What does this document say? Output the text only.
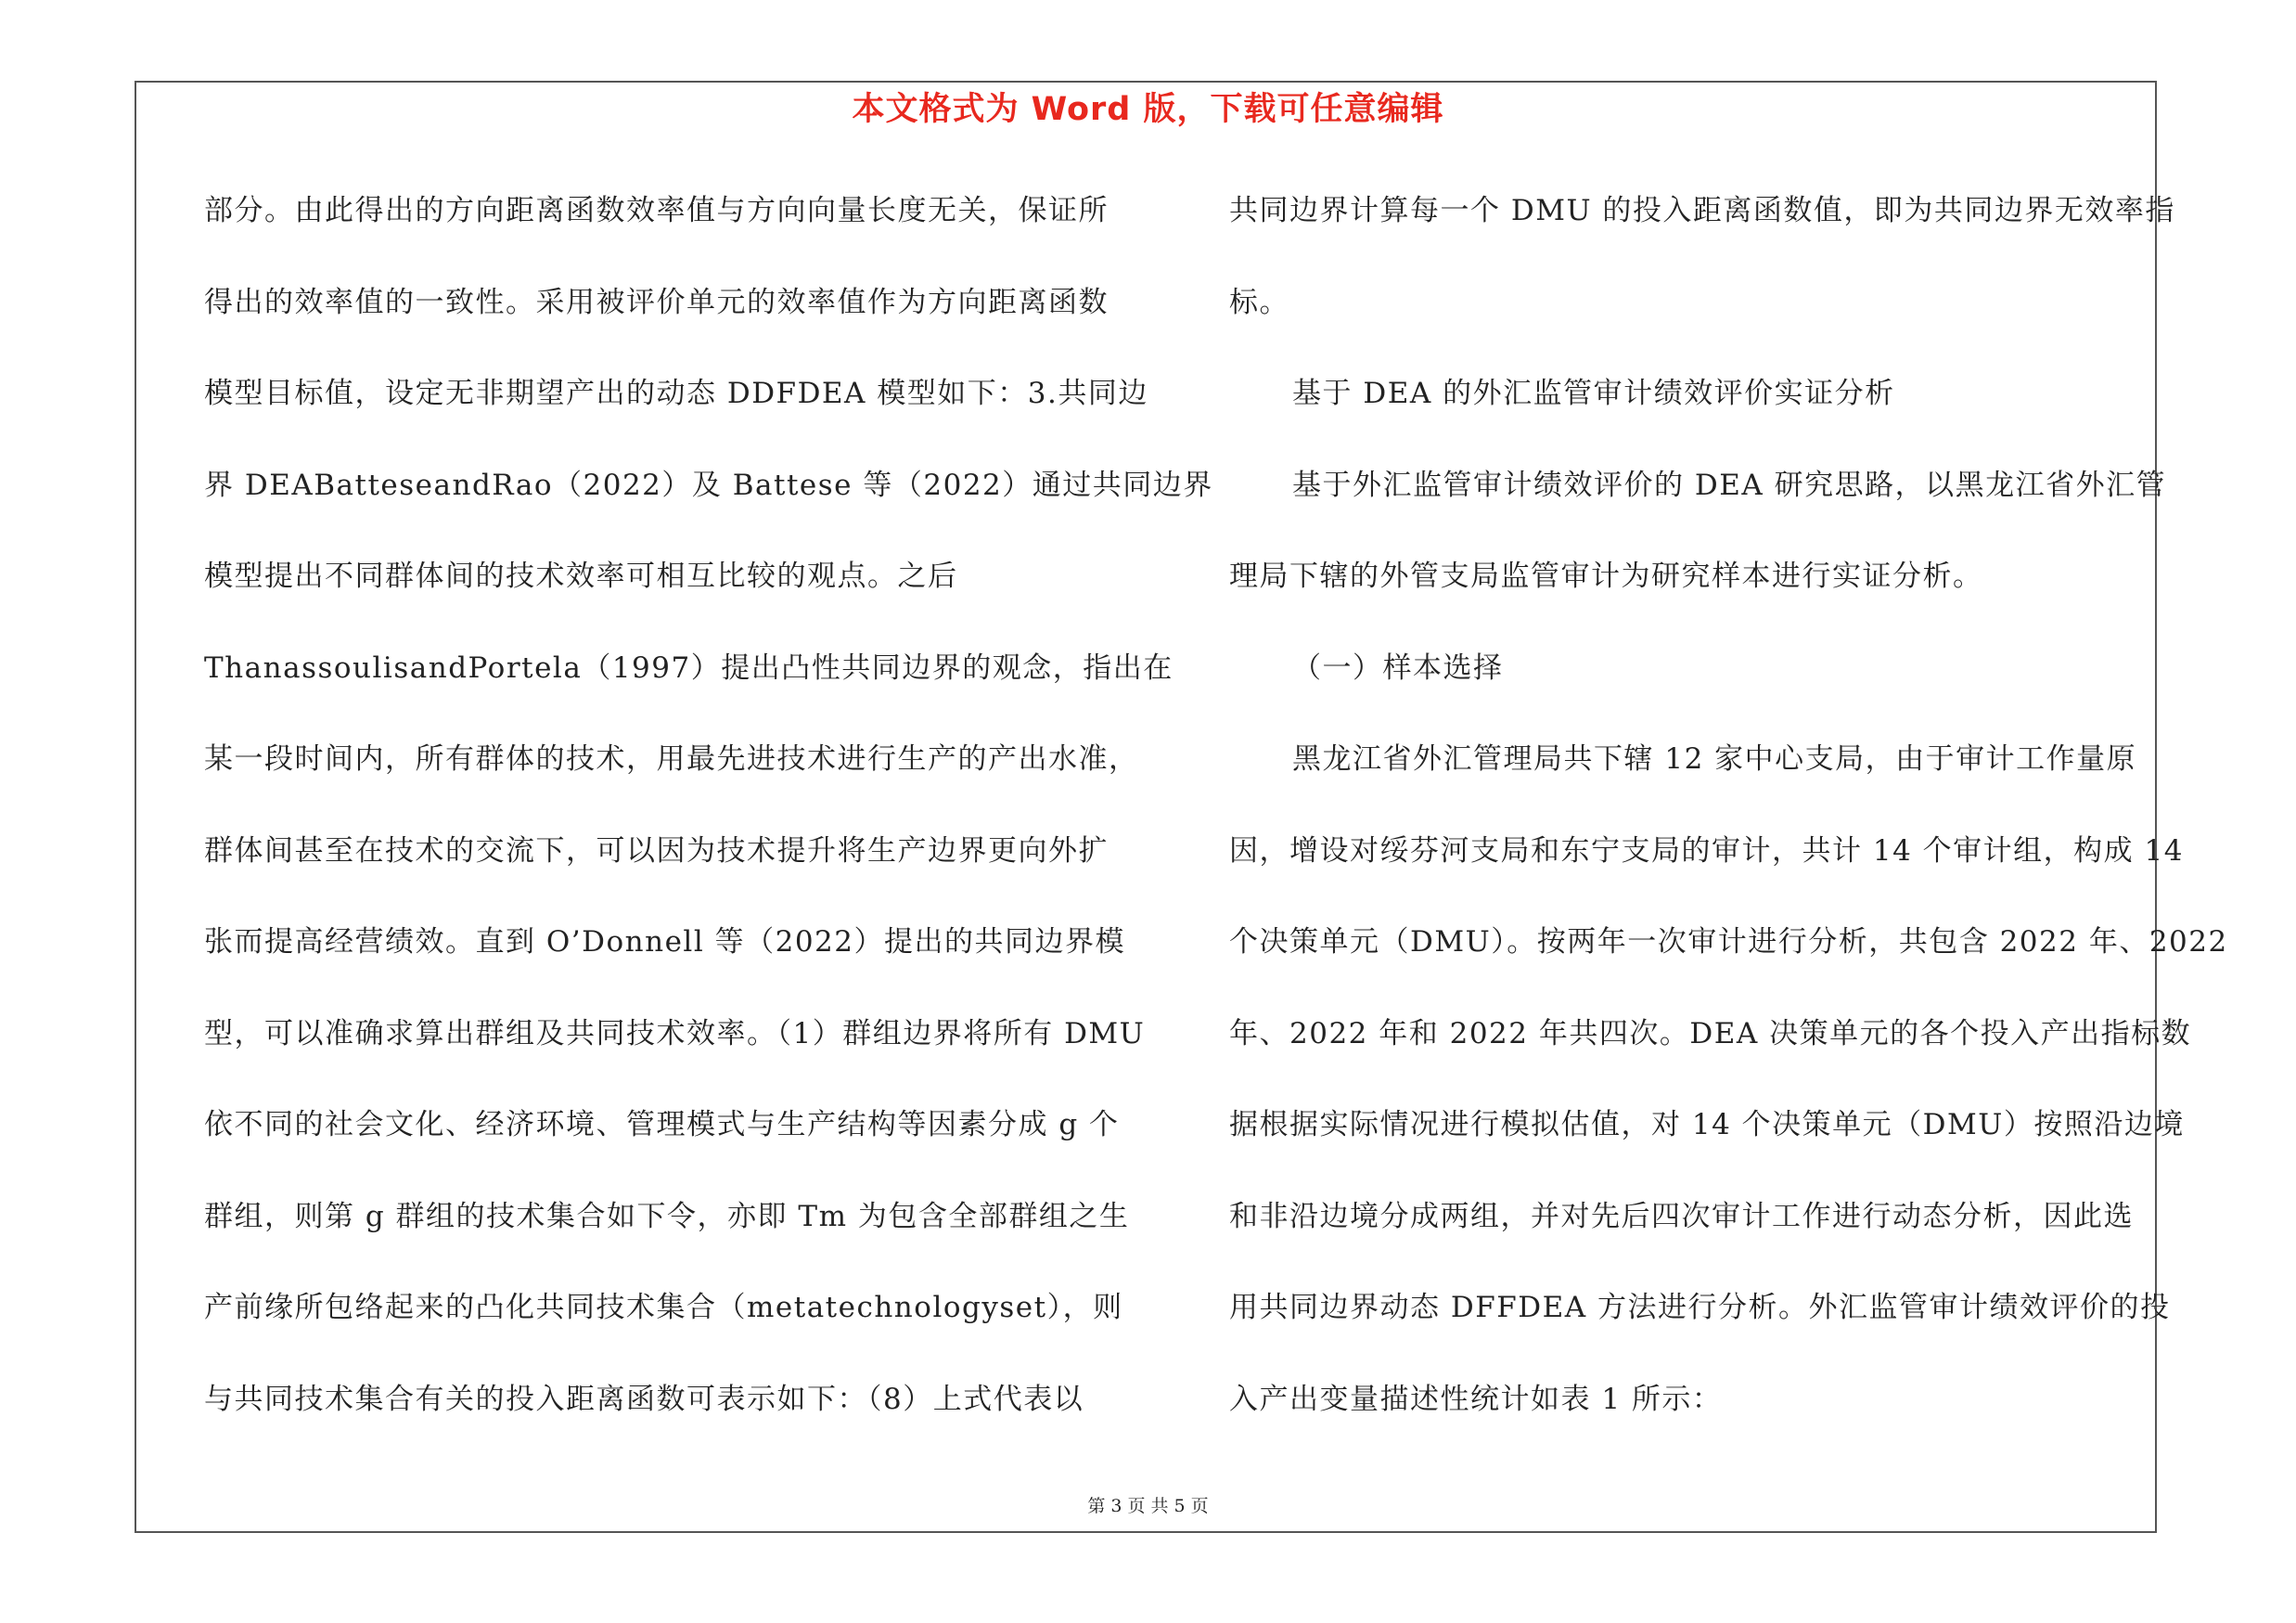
本文格式为 Word 版，下载可任意编辑
部分。由此得出的方向距离函数效率值与方向向量长度无关，保证所
得出的效率值的一致性。采用被评价单元的效率值作为方向距离函数
模型目标值，设定无非期望产出的动态 DDFDEA 模型如下：3.共同边
界 DEABatteseandRao（2022）及 Battese 等（2022）通过共同边界
模型提出不同群体间的技术效率可相互比较的观点。之后
ThanassoulisandPortela（1997）提出凸性共同边界的观念，指出在
某一段时间内，所有群体的技术，用最先进技术进行生产的产出水准，
群体间甚至在技术的交流下，可以因为技术提升将生产边界更向外扩
张而提高经营绩效。直到 O’Donnell 等（2022）提出的共同边界模
型，可以准确求算出群组及共同技术效率。（1）群组边界将所有 DMU
依不同的社会文化、经济环境、管理模式与生产结构等因素分成 g 个
群组，则第 g 群组的技术集合如下令，亦即 Tm 为包含全部群组之生
产前缘所包络起来的凸化共同技术集合（metatechnologyset），则
与共同技术集合有关的投入距离函数可表示如下：（8）上式代表以
共同边界计算每一个 DMU 的投入距离函数值，即为共同边界无效率指
标。
基于 DEA 的外汇监管审计绩效评价实证分析
基于外汇监管审计绩效评价的 DEA 研究思路，以黑龙江省外汇管
理局下辖的外管支局监管审计为研究样本进行实证分析。
（一）样本选择
黑龙江省外汇管理局共下辖 12 家中心支局，由于审计工作量原
因，增设对绥芬河支局和东宁支局的审计，共计 14 个审计组，构成 14
个决策单元（DMU）。按两年一次审计进行分析，共包含 2022 年、2022
年、2022 年和 2022 年共四次。DEA 决策单元的各个投入产出指标数
据根据实际情况进行模拟估值，对 14 个决策单元（DMU）按照沿边境
和非沿边境分成两组，并对先后四次审计工作进行动态分析，因此选
用共同边界动态 DFFDEA 方法进行分析。外汇监管审计绩效评价的投
入产出变量描述性统计如表 1 所示：
第 3 页 共 5 页
